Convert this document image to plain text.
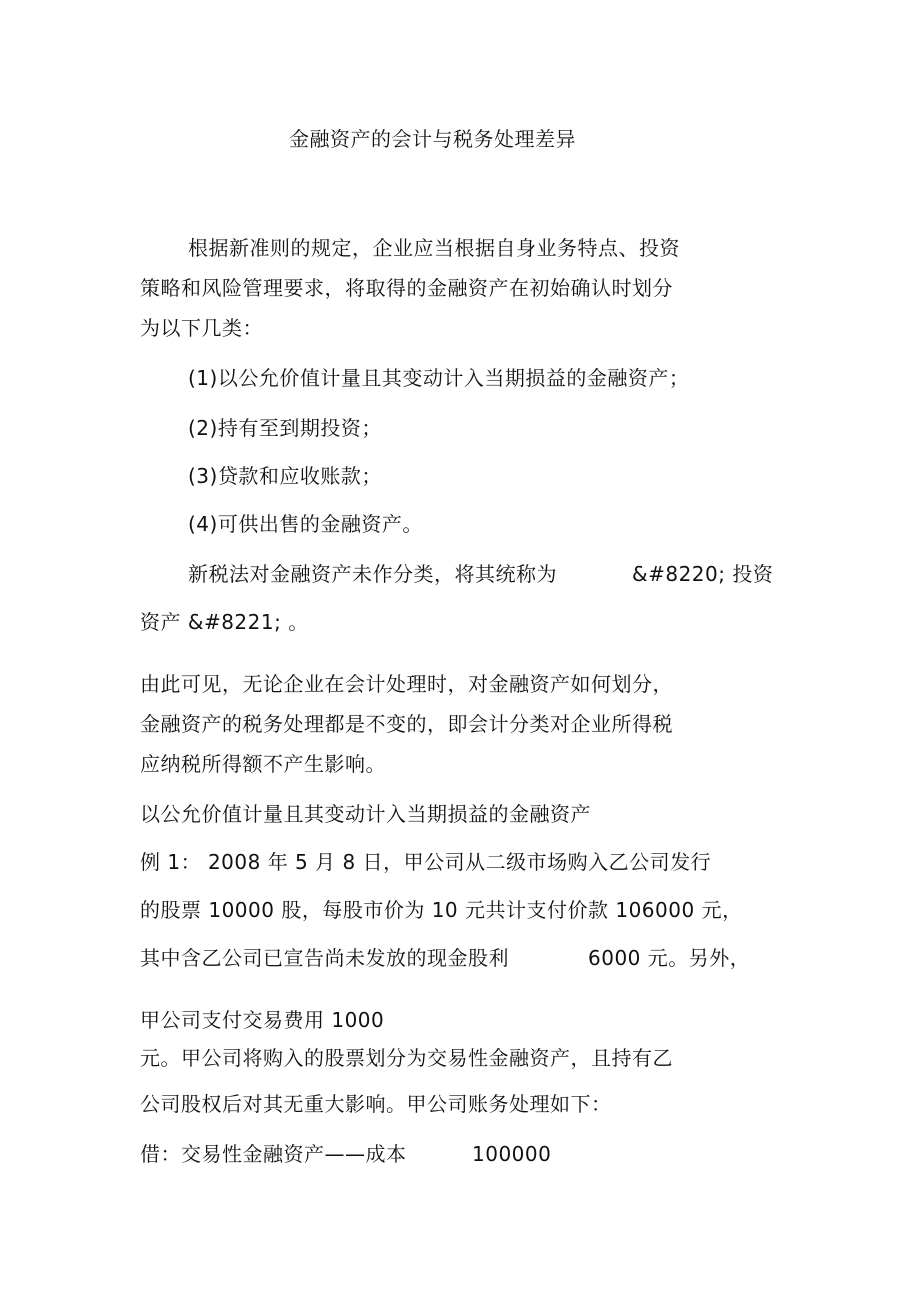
金融资产的会计与税务处理差异
根据新准则的规定，企业应当根据自身业务特点、投资
策略和风险管理要求，将取得的金融资产在初始确认时划分
为以下几类：
(1)以公允价值计量且其变动计入当期损益的金融资产；
(2)持有至到期投资；
(3)贷款和应收账款；
(4)可供出售的金融资产。
新税法对金融资产未作分类，将其统称为	&#8220; 投资
资产 &#8221; 。
由此可见，无论企业在会计处理时，对金融资产如何划分，
金融资产的税务处理都是不变的，即会计分类对企业所得税
应纳税所得额不产生影响。
以公允价值计量且其变动计入当期损益的金融资产
例 1： 2008 年 5 月 8 日，甲公司从二级市场购入乙公司发行
的股票 10000 股，每股市价为 10 元共计支付价款 106000 元，
其中含乙公司已宣告尚未发放的现金股利	6000 元。另外，
甲公司支付交易费用 1000
元。甲公司将购入的股票划分为交易性金融资产，且持有乙
公司股权后对其无重大影响。甲公司账务处理如下：
借：交易性金融资产——成本	100000
